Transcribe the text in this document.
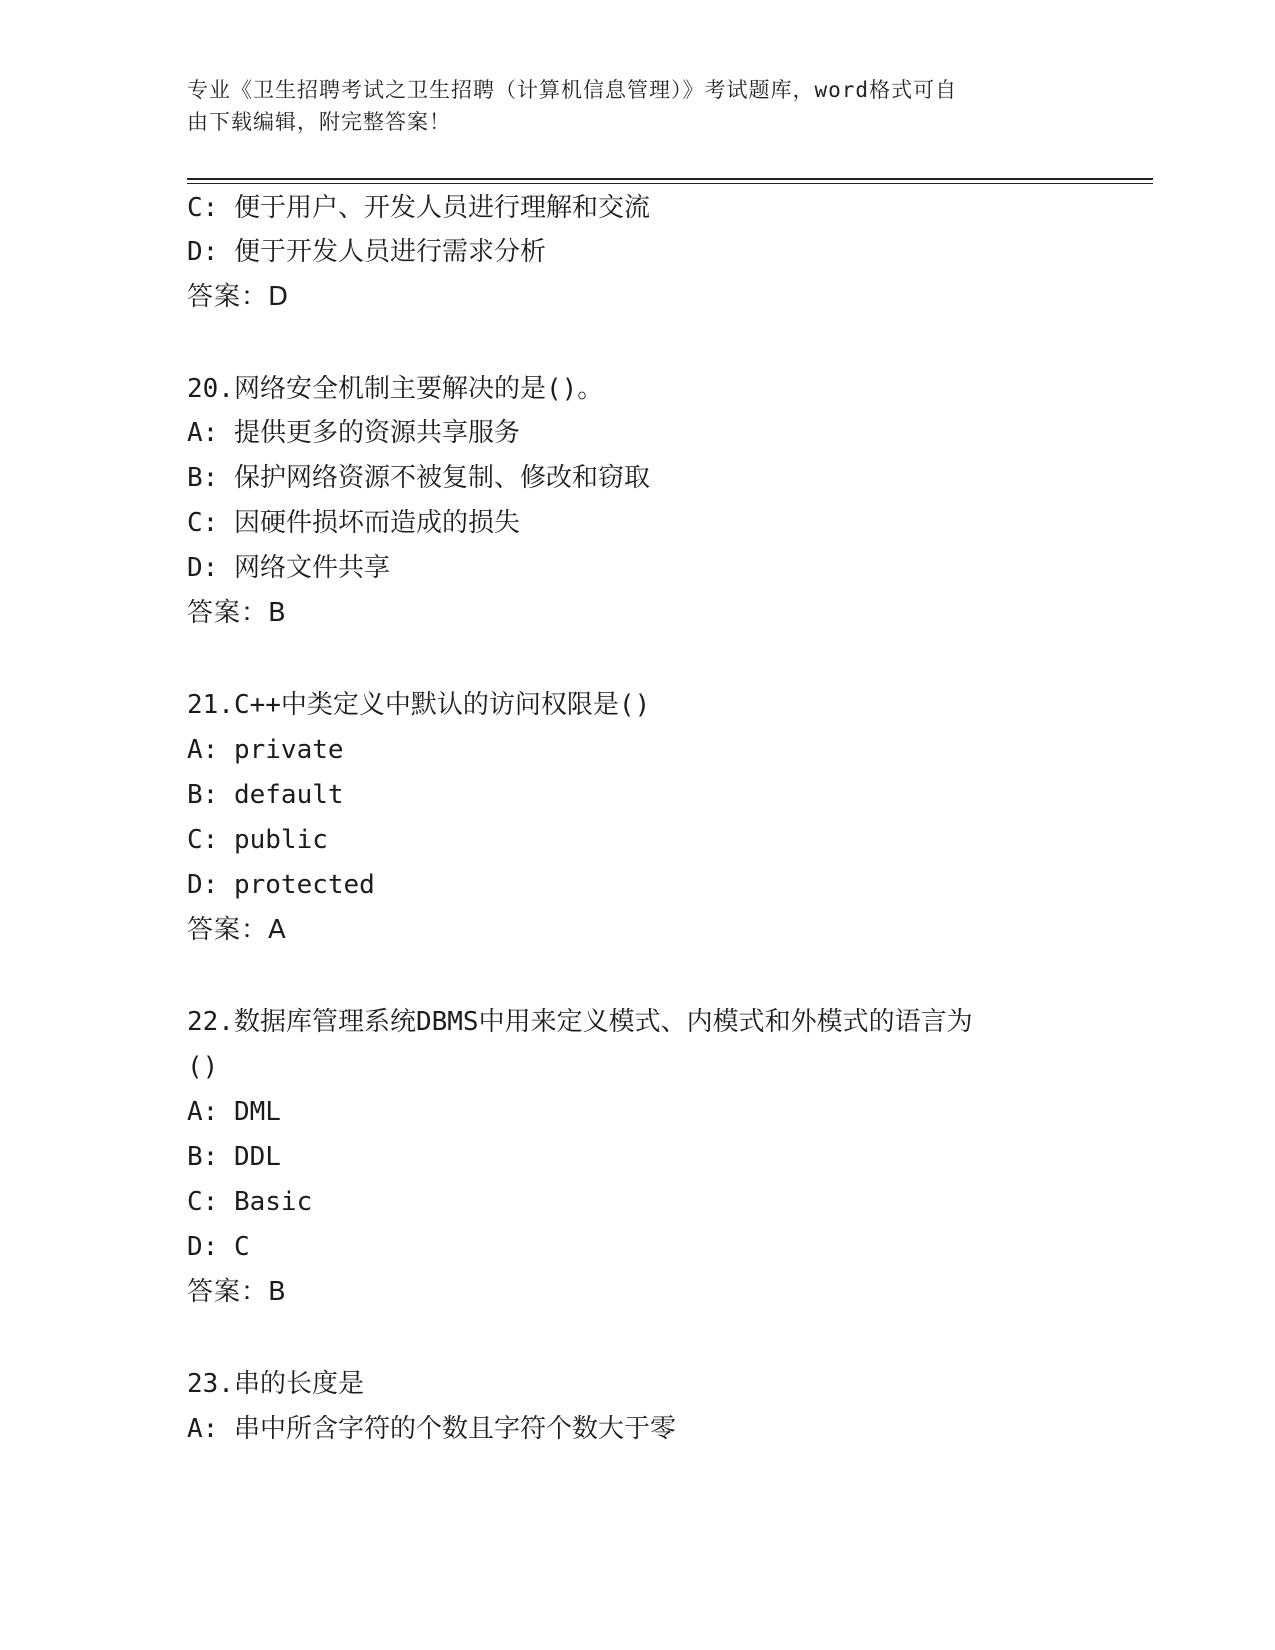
专业《卫生招聘考试之卫生招聘（计算机信息管理）》考试题库，word格式可自
由下载编辑，附完整答案！
C: 便于用户、开发人员进行理解和交流
D: 便于开发人员进行需求分析
答案：D
20.网络安全机制主要解决的是()。
A: 提供更多的资源共享服务
B: 保护网络资源不被复制、修改和窃取
C: 因硬件损坏而造成的损失
D: 网络文件共享
答案：B
21.C++中类定义中默认的访问权限是()
A: private
B: default
C: public
D: protected
答案：A
22.数据库管理系统DBMS中用来定义模式、内模式和外模式的语言为
()
A: DML
B: DDL
C: Basic
D: C
答案：B
23.串的长度是
A: 串中所含字符的个数且字符个数大于零
